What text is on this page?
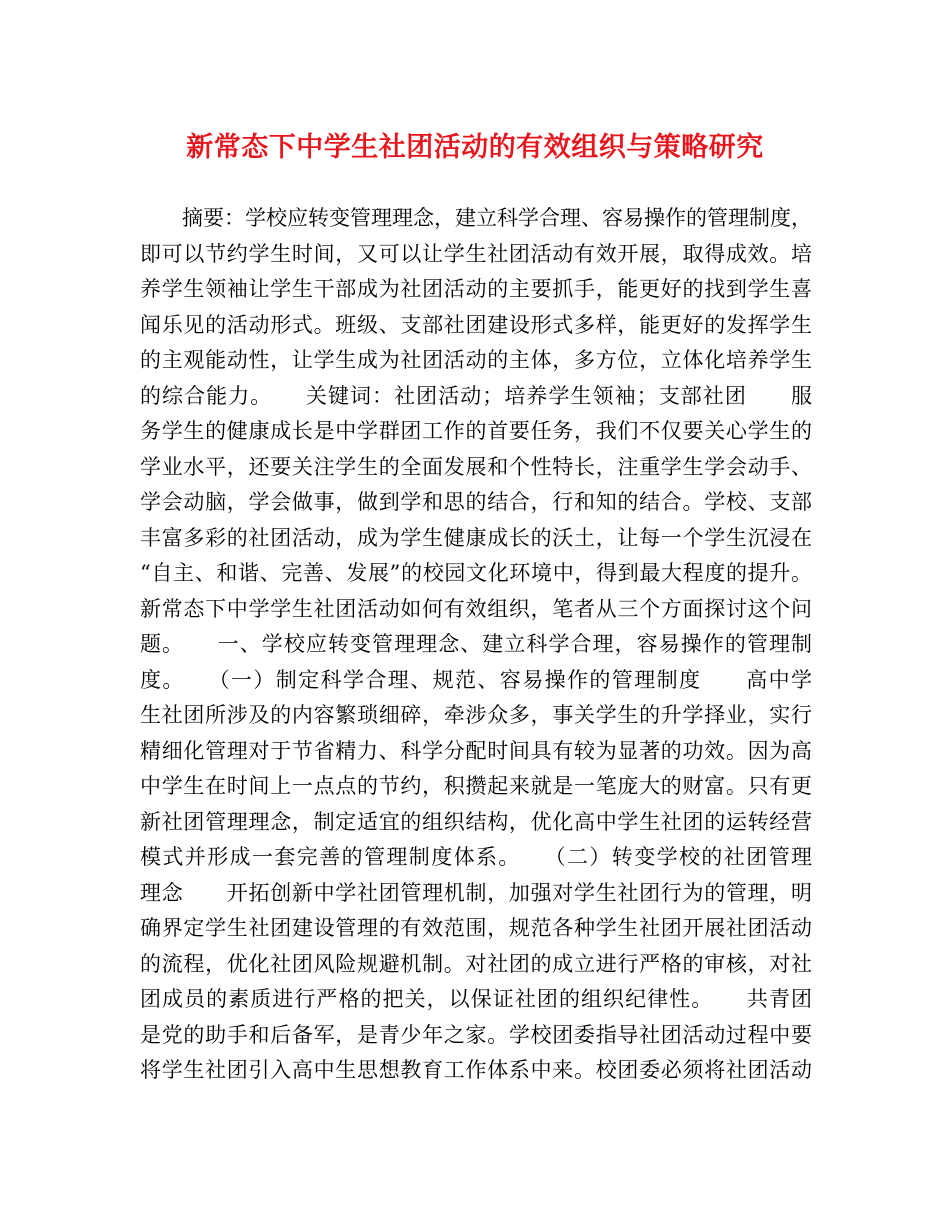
新常态下中学生社团活动的有效组织与策略研究
　　摘要：学校应转变管理理念，建立科学合理、容易操作的管理制度，
即可以节约学生时间，又可以让学生社团活动有效开展，取得成效。培
养学生领袖让学生干部成为社团活动的主要抓手，能更好的找到学生喜
闻乐见的活动形式。班级、支部社团建设形式多样，能更好的发挥学生
的主观能动性，让学生成为社团活动的主体，多方位，立体化培养学生
的综合能力。　　关键词：社团活动；培养学生领袖；支部社团　　服
务学生的健康成长是中学群团工作的首要任务，我们不仅要关心学生的
学业水平，还要关注学生的全面发展和个性特长，注重学生学会动手、
学会动脑，学会做事，做到学和思的结合，行和知的结合。学校、支部
丰富多彩的社团活动，成为学生健康成长的沃土，让每一个学生沉浸在
“自主、和谐、完善、发展”的校园文化环境中，得到最大程度的提升。
新常态下中学学生社团活动如何有效组织，笔者从三个方面探讨这个问
题。　　一、学校应转变管理理念、建立科学合理，容易操作的管理制
度。　　（一）制定科学合理、规范、容易操作的管理制度　　高中学
生社团所涉及的内容繁琐细碎，牵涉众多，事关学生的升学择业，实行
精细化管理对于节省精力、科学分配时间具有较为显著的功效。因为高
中学生在时间上一点点的节约，积攒起来就是一笔庞大的财富。只有更
新社团管理理念，制定适宜的组织结构，优化高中学生社团的运转经营
模式并形成一套完善的管理制度体系。　　（二）转变学校的社团管理
理念　　开拓创新中学社团管理机制，加强对学生社团行为的管理，明
确界定学生社团建设管理的有效范围，规范各种学生社团开展社团活动
的流程，优化社团风险规避机制。对社团的成立进行严格的审核，对社
团成员的素质进行严格的把关，以保证社团的组织纪律性。　　共青团
是党的助手和后备军，是青少年之家。学校团委指导社团活动过程中要
将学生社团引入高中生思想教育工作体系中来。校团委必须将社团活动
